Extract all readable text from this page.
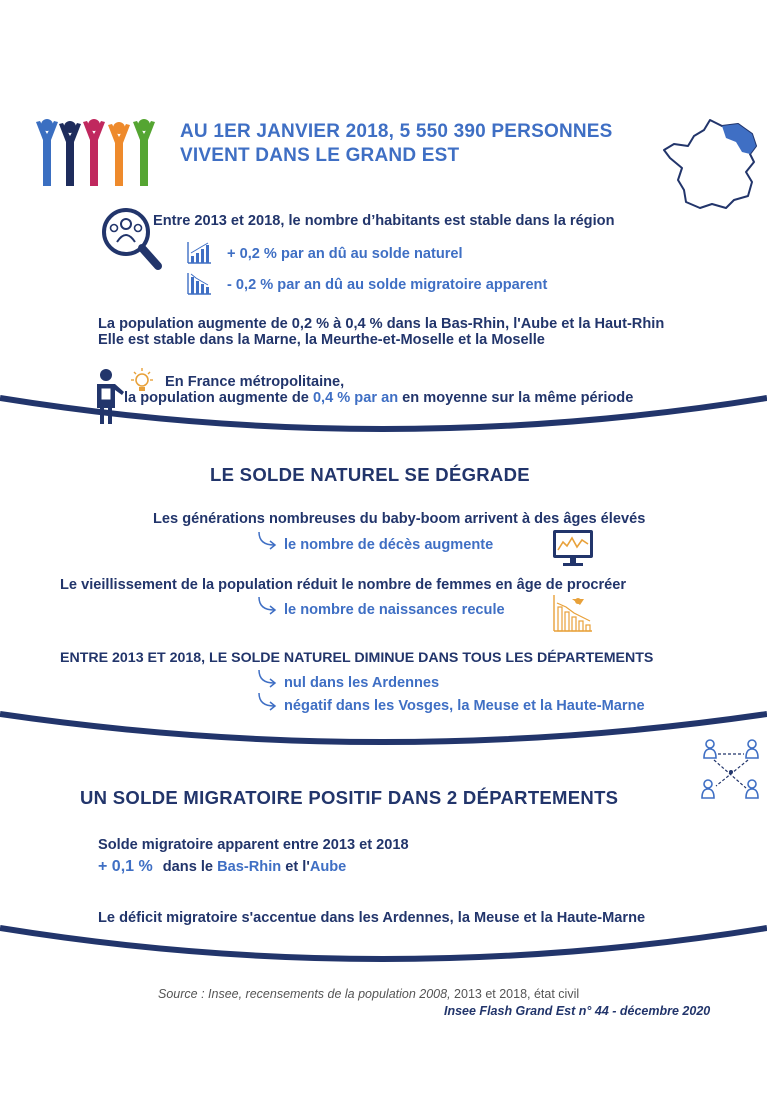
AU 1ER JANVIER 2018, 5 550 390 PERSONNES
VIVENT DANS LE GRAND EST
Entre 2013 et 2018, le nombre d’habitants est stable dans la région
+ 0,2 % par an dû au solde naturel
- 0,2 % par an dû au solde migratoire apparent
La population augmente de 0,2 % à 0,4 % dans la Bas-Rhin, l'Aube et la Haut-Rhin
Elle est stable dans la Marne, la Meurthe-et-Moselle et la Moselle
En France métropolitaine,
la population augmente de 0,4 % par an en moyenne sur la même période
LE SOLDE NATUREL SE DÉGRADE
Les générations nombreuses du baby-boom arrivent à des âges élevés
le nombre de décès augmente
Le vieillissement de la population réduit le nombre de femmes en âge de procréer
le nombre de naissances recule
ENTRE 2013 ET 2018, LE SOLDE NATUREL DIMINUE DANS TOUS LES DÉPARTEMENTS
nul dans les Ardennes
négatif dans les Vosges, la Meuse et la Haute-Marne
UN SOLDE MIGRATOIRE POSITIF DANS 2 DÉPARTEMENTS
Solde migratoire apparent entre 2013 et 2018
+ 0,1 % dans le Bas-Rhin et l'Aube
Le déficit migratoire s'accentue dans les Ardennes, la Meuse et la Haute-Marne
Source : Insee, recensements de la population 2008, 2013 et 2018, état civil
Insee Flash Grand Est n° 44 - décembre 2020
